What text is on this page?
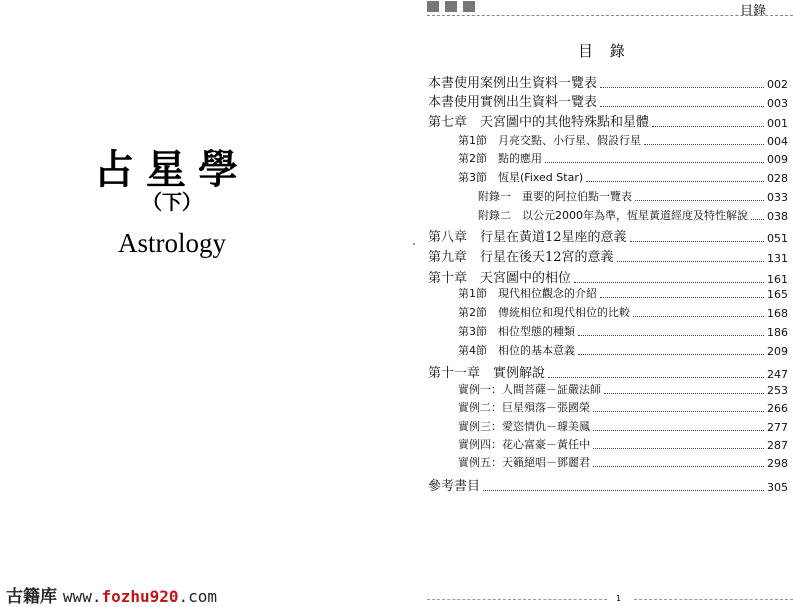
占星學
（下）
Astrology
古籍库 www.fozhu920.com
目錄
目 錄
本書使用案例出生資料一覽表	002
本書使用實例出生資料一覽表	003
第七章　天宮圖中的其他特殊點和星體	001
第1節　月亮交點、小行星、假設行星	004
第2節　點的應用	009
第3節　恆星(Fixed Star)	028
附錄一　重要的阿拉伯點一覽表	033
附錄二　以公元2000年為準，恆星黃道經度及特性解說 038
第八章　行星在黃道12星座的意義	051
第九章　行星在後天12宮的意義	131
第十章　天宮圖中的相位	161
第1節　現代相位觀念的介紹	165
第2節　傳統相位和現代相位的比較	168
第3節　相位型態的種類	186
第4節　相位的基本意義	209
第十一章　實例解說	247
實例一：人間菩薩－証嚴法師	253
實例二：巨星殞落－張國榮	266
實例三：愛恣情仇－璩美鳳	277
實例四：花心富豪－黃任中	287
實例五：天籟絕唱－鄧麗君	298
參考書目	305
1
